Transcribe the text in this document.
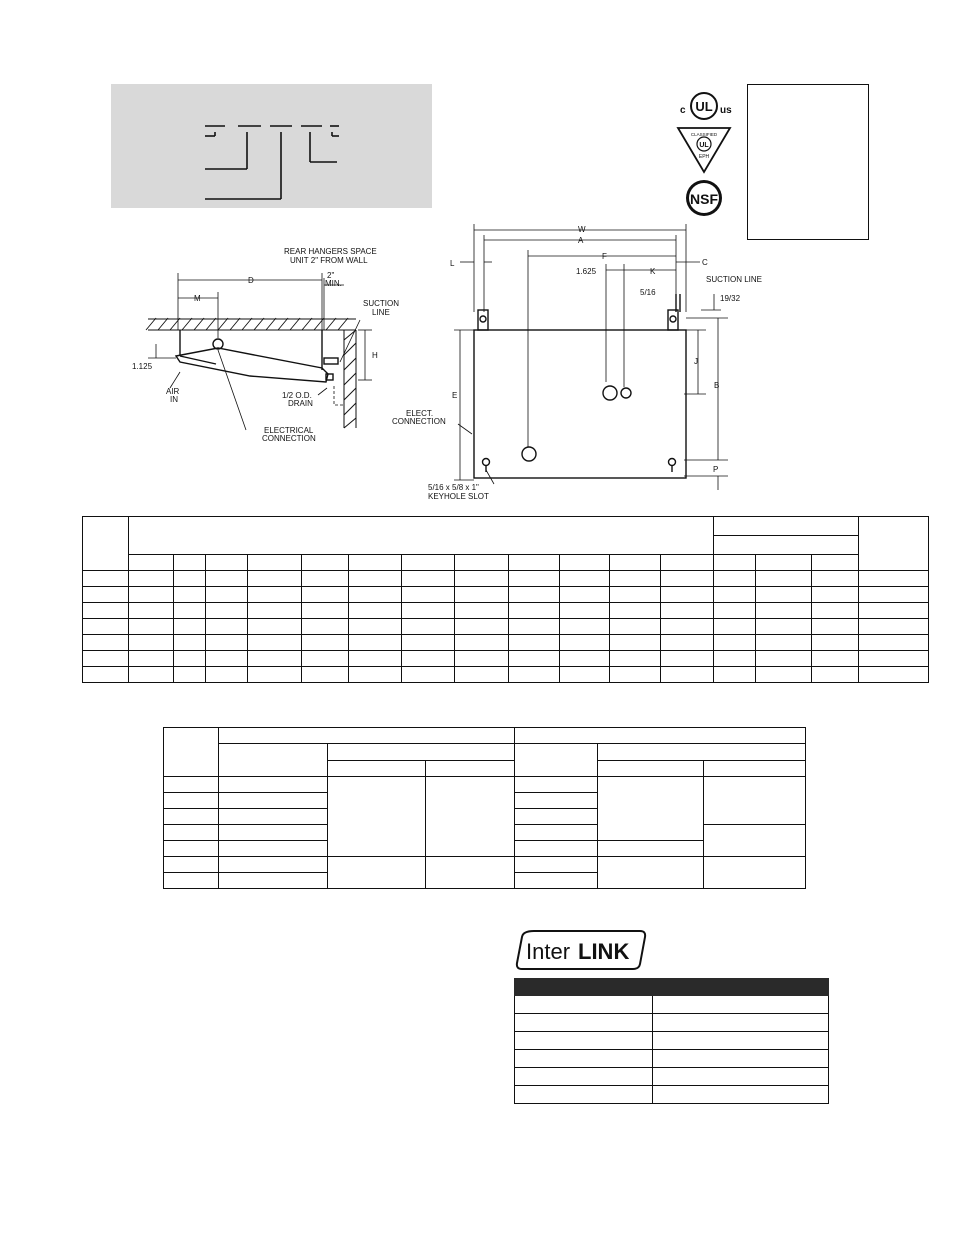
UL
c	us
CLASSIFIED
UL
EPH
NSF
REAR HANGERS SPACE
UNIT 2" FROM WALL
D
M
2"
MIN.
SUCTION
LINE
H
1.125
AIR
IN	1/2 O.D.
DRAIN
ELECTRICAL
CONNECTION
W
A
L
F
C
1.625	K
5/16
SUCTION LINE
19/32
J
B
E
ELECT.
CONNECTION
P
5/16 x 5/8 x 1"
KEYHOLE SLOT

Inter LINK
